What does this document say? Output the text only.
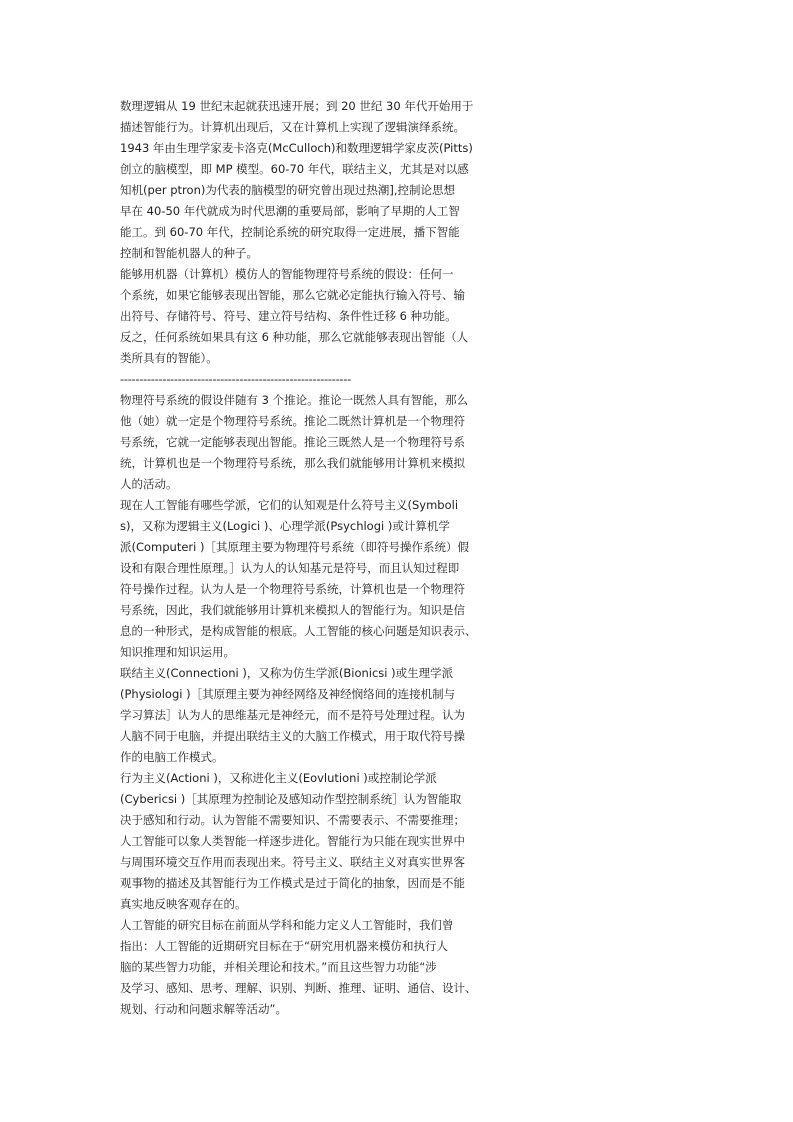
数理逻辑从 19 世纪末起就获迅速开展；到 20 世纪 30 年代开始用于
描述智能行为。计算机出现后，又在计算机上实现了逻辑演绎系统。
1943 年由生理学家麦卡洛克(McCulloch)和数理逻辑学家皮茨(Pitts)
创立的脑模型，即 MP 模型。60-70 年代，联结主义，尤其是对以感
知机(per ptron)为代表的脑模型的研究曾出现过热潮],控制论思想
早在 40-50 年代就成为时代思潮的重要局部，影响了早期的人工智
能工。到 60-70 年代，控制论系统的研究取得一定进展，播下智能
控制和智能机器人的种子。
能够用机器（计算机）模仿人的智能物理符号系统的假设：任何一
个系统，如果它能够表现出智能，那么它就必定能执行输入符号、输
出符号、存储符号、符号、建立符号结构、条件性迁移 6 种功能。
反之，任何系统如果具有这 6 种功能，那么它就能够表现出智能（人
类所具有的智能）。
------------------------------------------------------------
物理符号系统的假设伴随有 3 个推论。推论一既然人具有智能，那么
他（她）就一定是个物理符号系统。推论二既然计算机是一个物理符
号系统，它就一定能够表现出智能。推论三既然人是一个物理符号系
统，计算机也是一个物理符号系统，那么我们就能够用计算机来模拟
人的活动。
现在人工智能有哪些学派，它们的认知观是什么符号主义(Symboli
s)，又称为逻辑主义(Logici )、心理学派(Psychlogi )或计算机学
派(Computeri )［其原理主要为物理符号系统（即符号操作系统）假
设和有限合理性原理。］认为人的认知基元是符号，而且认知过程即
符号操作过程。认为人是一个物理符号系统，计算机也是一个物理符
号系统，因此，我们就能够用计算机来模拟人的智能行为。知识是信
息的一种形式，是构成智能的根底。人工智能的核心问题是知识表示、
知识推理和知识运用。
联结主义(Connectioni )，又称为仿生学派(Bionicsi )或生理学派
(Physiologi )［其原理主要为神经网络及神经悯络间的连接机制与
学习算法］认为人的思维基元是神经元，而不是符号处理过程。认为
人脑不同于电脑，并提出联结主义的大脑工作模式，用于取代符号操
作的电脑工作模式。
行为主义(Actioni )，又称进化主义(Eovlutioni )或控制论学派
(Cybericsi )［其原理为控制论及感知动作型控制系统］认为智能取
决于感知和行动。认为智能不需要知识、不需要表示、不需要推理；
人工智能可以象人类智能一样逐步进化。智能行为只能在现实世界中
与周围环境交互作用而表现出来。符号主义、联结主义对真实世界客
观事物的描述及其智能行为工作模式是过于简化的抽象，因而是不能
真实地反映客观存在的。
人工智能的研究目标在前面从学科和能力定义人工智能时，我们曾
指出：人工智能的近期研究目标在于“研究用机器来模仿和执行人
脑的某些智力功能，并相关理论和技术。”而且这些智力功能“涉
及学习、感知、思考、理解、识别、判断、推理、证明、通信、设计、
规划、行动和问题求解等活动”。
